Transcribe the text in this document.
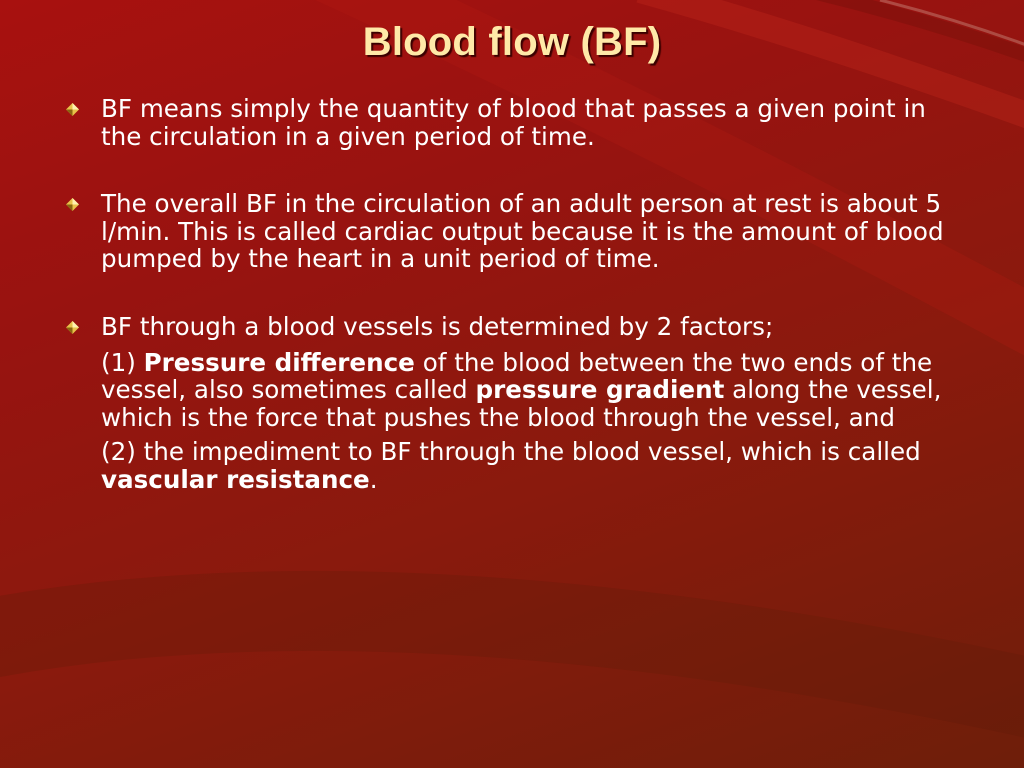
Blood flow (BF)
BF means simply the quantity of blood that passes a given point in the circulation in a given period of time.
The overall BF in the circulation of an adult person at rest is about 5 l/min. This is called cardiac output because it is the amount of blood pumped by the heart in a unit period of time.
BF through a blood vessels is determined by 2 factors;
(1) Pressure difference of the blood between the two ends of the vessel, also sometimes called pressure gradient along the vessel, which is the force that pushes the blood through the vessel, and
(2) the impediment to BF through the blood vessel, which is called vascular resistance.
